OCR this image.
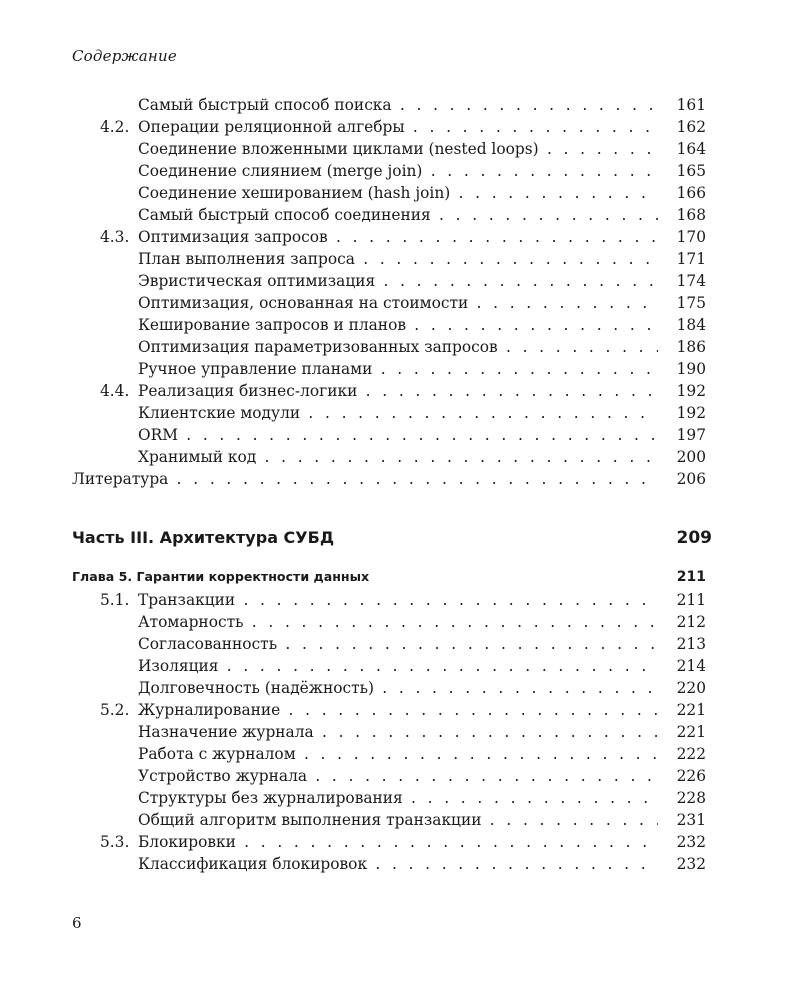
Содержание
Самый быстрый способ поиска . . .	161
4.2. Операции реляционной алгебры . . .	162
Соединение вложенными циклами (nested loops) . . .	164
Соединение слиянием (merge join) . . .	165
Соединение хешированием (hash join) . . .	166
Самый быстрый способ соединения . . .	168
4.3. Оптимизация запросов . . .	170
План выполнения запроса . . .	171
Эвристическая оптимизация . . .	174
Оптимизация, основанная на стоимости . . .	175
Кеширование запросов и планов . . .	184
Оптимизация параметризованных запросов . . .	186
Ручное управление планами . . .	190
4.4. Реализация бизнес-логики . . .	192
Клиентские модули . . .	192
ORM . . .	197
Хранимый код . . .	200
Литература . . .	206
Часть III. Архитектура СУБД	209
Глава 5. Гарантии корректности данных	211
5.1. Транзакции . . .	211
Атомарность . . .	212
Согласованность . . .	213
Изоляция . . .	214
Долговечность (надёжность) . . .	220
5.2. Журналирование . . .	221
Назначение журнала . . .	221
Работа с журналом . . .	222
Устройство журнала . . .	226
Структуры без журналирования . . .	228
Общий алгоритм выполнения транзакции . . .	231
5.3. Блокировки . . .	232
Классификация блокировок . . .	232
6
